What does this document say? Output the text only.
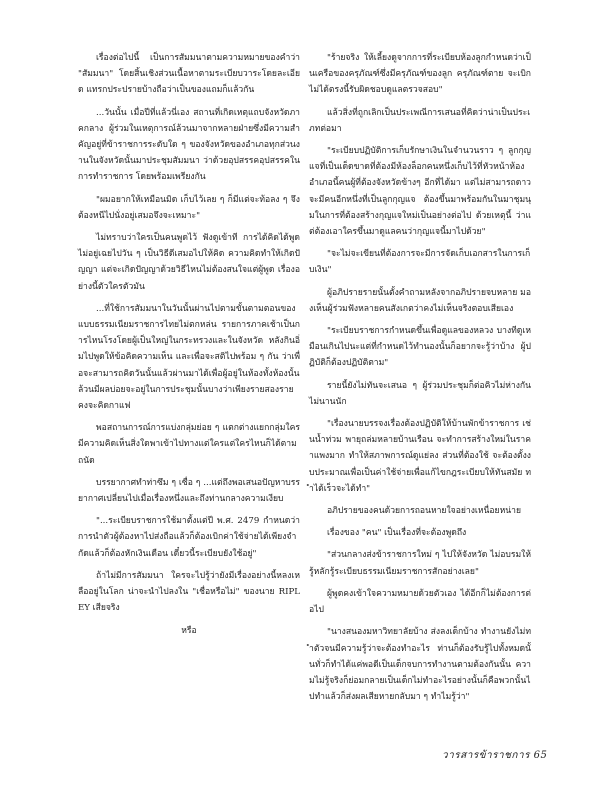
เรื่องต่อไปนี้ เป็นการสัมมนาตามความหมายของคำว่า "สัมมนา" โดยสิ้นเชิงส่วนเนื้อหาตามระเบียบวาระโดยละเอียด แทรกประปรายบ้างถือว่าเป็นของแถมก็แล้วกัน

...วันนั้น เมื่อปีที่แล้วนี่เอง สถานที่เกิดเหตุแถบจังหวัดภาคกลาง ผู้ร่วมในเหตุการณ์ล้วนมาจากหลายฝ่ายซึ่งมีความสำคัญอยู่ที่ข้าราชการระดับใด ๆ ของจังหวัดของอำเภอทุกส่วนงานในจังหวัดนั้นมาประชุมสัมมนา ว่าด้วยอุปสรรคอุปสรรคในการทำราชการ โดยพร้อมเพรียงกัน

"ผมอยากให้เหมือนมิด เก็บไว้เลย ๆ ก็มีแต่จะท้อลง ๆ จึงต้องหนีไปนั่งอยู่เสมอจึงจะเหมาะ"

ไม่ทราบว่าใครเป็นคนพูดไว้ ฟังดูเข้าที การได้คิดได้พูด ไม่อยู่เฉยไปวัน ๆ เป็นวิธีดีเสมอไปให้คิด ความคิดทำให้เกิดปัญญา แต่จะเกิดปัญญาด้วยวิธีไหนไม่ต้องสนใจแต่ผู้พูด เรื่องอย่างนี้ตัวใครตัวมัน

...ที่ใช้การสัมมนาในวันนั้นผ่านไปตามขั้นตามตอนของแบบธรรมเนียมราชการไทยไม่ตกหล่น รายการภาคเช้าเป็นการไหนโรงโดยผู้เป็นใหญ่ในกระทรวงและในจังหวัด หลังกินอิ่มไปพูดให้ข้อคิดความเห็น และเพื่อจะสติไปพร้อม ๆ กัน ว่าเพื่อจะสามารถคิดวันนั้นแล้วผ่านมาได้เพื่อผู้อยู่ในห้องทั้งห้องนั้นล้วนมีผลบ่อยจะอยู่ในการประชุมนั้นบางว่าเพียงรายสองราย คงจะคิดกาแฟ

พอสถานการณ์การแบ่งกลุ่มย่อย ๆ แตกต่างแยกกลุ่มใครมีความคิดเห็นสิ่งใดพาเข้าไปทางแต่ใครแต่ใครไหนก็ได้ตามถนัด

บรรยากาศทำท่าซึม ๆ เซื่อ ๆ ...แต่ถึงพอเสนอปัญหาบรรยากาศเปลี่ยนไปเมื่อเรื่องหนึ่งและถึงท่านกลางความเงียบ

"...ระเบียบราชการใช้มาตั้งแต่ปี พ.ศ. 2479 กำหนดว่าการนำตัวผู้ต้องหาไปส่งถือแล้วก็ต้องเบิกค่าใช้จ่ายได้เพียงจำกัดแล้วก็ต้องหักเงินเดือน เดี๋ยวนี้ระเบียบยังใช้อยู่"

ถ้าไม่มีการสัมมนา ใครจะไปรู้ว่ายังมีเรื่องอย่างนี้หลงเหลืออยู่ในโลก น่าจะนำไปลงใน "เชื่อหรือไม่" ของนาย RIPLEY เสียจริง

หรือ

"ร้ายจริง ให้เลี้ยงดูจากการที่ระเบียบห้องลูกกำหนดว่าเป็นเครือของครุภัณฑ์ซึ่งมีครุภัณฑ์ของลูก ครุภัณฑ์ตาย จะเบิกไม่ได้ตรงนี้รับผิดชอบดูแลตรวจสอบ"

แล้วสิ่งที่ถูกเลิกเป็นประเพณีการเสนอที่คิดว่าน่าเป็นประเภทต่อมา

"ระเบียบปฏิบัติการเก็บรักษาเงินในจำนวนราว ๆ ลูกกุญแจที่เป็นเด็ดขาดที่ต้องมีห้องล็อกคนหนึ่งเก็บไว้ที่หัวหน้าห้อง อำเภอนี้คนผู้ที่ต้องจังหวัดข้างๆ อีกที่ได้มา แต่ไม่สามารถดาวจะมีคนอีกหนึ่งที่เป็นลูกกุญแจ ต้องขึ้นมาพร้อมกันในมาชุมนุมในการที่ต้องสร้างกุญแจใหม่เป็นอย่างต่อไป ด้วยเหตุนี้ ว่าแต่ต้องเอาใครขึ้นมาดูแลคนว่ากุญแจนี้มาไปด้วย"

"จะไม่จะเขียนที่ต้องการจะมีการจัดเก็บเอกสารในการเก็บเงิน"

ผู้อภิปรายรายนั้นตั้งคำถามหลังจากอภิปรายจบหลาย มองเห็นผู้ร่วมฟังหลายคนสังเกตว่าคงไม่เห็นจริงตอบเสียเอง

"ระเบียบราชการกำหนดขึ้นเพื่อดูแลของหลวง บางทีดูเหมือนเกินไปนะแต่ที่กำหนดไว้ทำนองนั้นก็อยากจะรู้ว่าบ้าง ผู้ปฏิบัติก็ต้องปฏิบัติตาม"

รายนี้ยังไม่ทันจะเสนอ ๆ ผู้ร่วมประชุมก็ต่อคิวไม่ห่างกัน ไม่นานนัก

"เรื่องนายบรรจงเรื่องต้องปฏิบัติให้บ้านพักข้าราชการ เช่นน้ำท่วม พายุถล่มหลายบ้านเรือน จะทำการสร้างใหม่ในราคาแพงมาก ทำให้สภาพการณ์ดูแย่ลง ส่วนที่ต้องใช้ จะต้องตั้งงบประมาณเพื่อเป็นค่าใช้จ่ายเพื่อแก้ไขกฎระเบียบให้ทันสมัย ทำได้เร็วจะได้ทำ"

อภิปรายของคนด้วยการถอนหายใจอย่างเหนื่อยหน่าย

เรื่องของ "คน" เป็นเรื่องที่จะต้องพูดถึง

"ส่วนกลางส่งข้าราชการใหม่ ๆ ไปให้จังหวัด ไม่อบรมให้รู้หลักรู้ระเบียบธรรมเนียมราชการสักอย่างเลย"

ผู้พูดคงเข้าใจความหมายด้วยตัวเอง ได้อีกก็ไม่ต้องการต่อไป

"นางสนองมหาวิทยาลัยบ้าง ส่งลงเด็กบ้าง ทำงานยังไม่ทำตัวจนมีความรู้ว่าจะต้องทำอะไร ท่านก็ต้องรับรู้ไปทั้งหมดนั้นทั่วก็ทำได้แค่พอดีเป็นเด็กจบการทำงานตามต้องกันนั้น ความไม่รู้จริงก็ย่อมกลายเป็นเด็กไม่ทำอะไรอย่างนั้นก็คือพวกนั้นไปทำแล้วก็ส่งผลเสียหายกลับมา ๆ ทำไมรู้ว่า"

วารสารข้าราชการ 65
